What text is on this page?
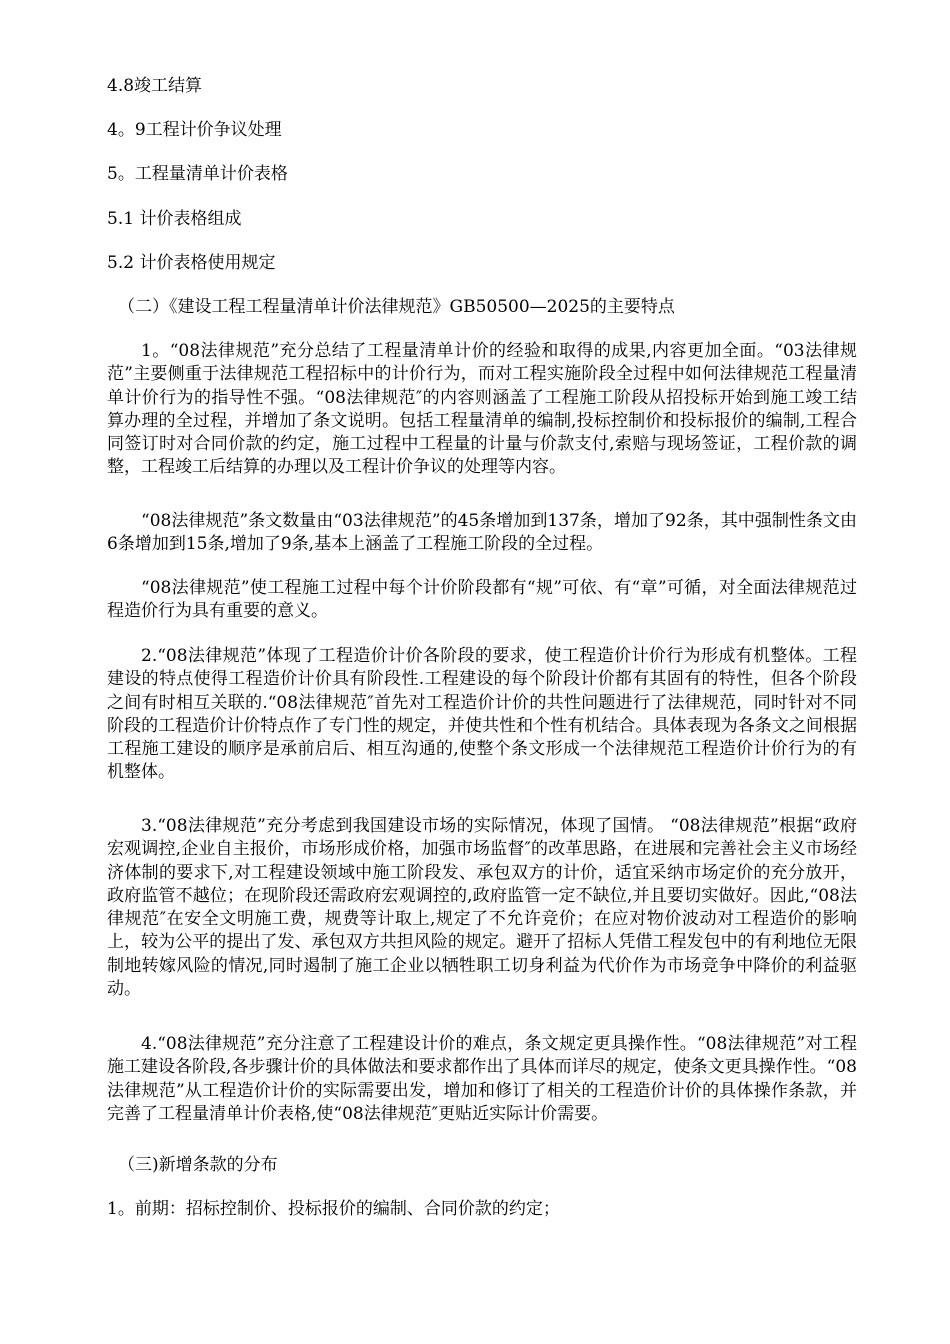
4.8竣工结算
4。9工程计价争议处理
5。工程量清单计价表格
5.1 计价表格组成
5.2 计价表格使用规定
（二）《建设工程工程量清单计价法律规范》GB50500—2025的主要特点

1。“08法律规范”充分总结了工程量清单计价的经验和取得的成果,内容更加全面。“03法律规范”主要侧重于法律规范工程招标中的计价行为，而对工程实施阶段全过程中如何法律规范工程量清单计价行为的指导性不强。“08法律规范″的内容则涵盖了工程施工阶段从招投标开始到施工竣工结算办理的全过程，并增加了条文说明。包括工程量清单的编制,投标控制价和投标报价的编制,工程合同签订时对合同价款的约定，施工过程中工程量的计量与价款支付,索赔与现场签证，工程价款的调整，工程竣工后结算的办理以及工程计价争议的处理等内容。

“08法律规范”条文数量由“03法律规范”的45条增加到137条，增加了92条，其中强制性条文由6条增加到15条,增加了9条,基本上涵盖了工程施工阶段的全过程。

“08法律规范”使工程施工过程中每个计价阶段都有“规”可依、有“章”可循，对全面法律规范过程造价行为具有重要的意义。

2.“08法律规范”体现了工程造价计价各阶段的要求，使工程造价计价行为形成有机整体。工程建设的特点使得工程造价计价具有阶段性.工程建设的每个阶段计价都有其固有的特性，但各个阶段之间有时相互关联的.“08法律规范″首先对工程造价计价的共性问题进行了法律规范，同时针对不同阶段的工程造价计价特点作了专门性的规定，并使共性和个性有机结合。具体表现为各条文之间根据工程施工建设的顺序是承前启后、相互沟通的,使整个条文形成一个法律规范工程造价计价行为的有机整体。

3.“08法律规范”充分考虑到我国建设市场的实际情况，体现了国情。 “08法律规范”根据“政府宏观调控,企业自主报价，市场形成价格，加强市场监督″的改革思路，在进展和完善社会主义市场经济体制的要求下,对工程建设领域中施工阶段发、承包双方的计价，适宜采纳市场定价的充分放开，政府监管不越位；在现阶段还需政府宏观调控的,政府监管一定不缺位,并且要切实做好。因此,“08法律规范″在安全文明施工费，规费等计取上,规定了不允许竞价；在应对物价波动对工程造价的影响上，较为公平的提出了发、承包双方共担风险的规定。避开了招标人凭借工程发包中的有利地位无限制地转嫁风险的情况,同时遏制了施工企业以牺牲职工切身利益为代价作为市场竞争中降价的利益驱动。

4.“08法律规范”充分注意了工程建设计价的难点，条文规定更具操作性。“08法律规范”对工程施工建设各阶段,各步骤计价的具体做法和要求都作出了具体而详尽的规定，使条文更具操作性。“08法律规范”从工程造价计价的实际需要出发，增加和修订了相关的工程造价计价的具体操作条款，并完善了工程量清单计价表格,使“08法律规范″更贴近实际计价需要。

（三)新增条款的分布
1。前期：招标控制价、投标报价的编制、合同价款的约定；
